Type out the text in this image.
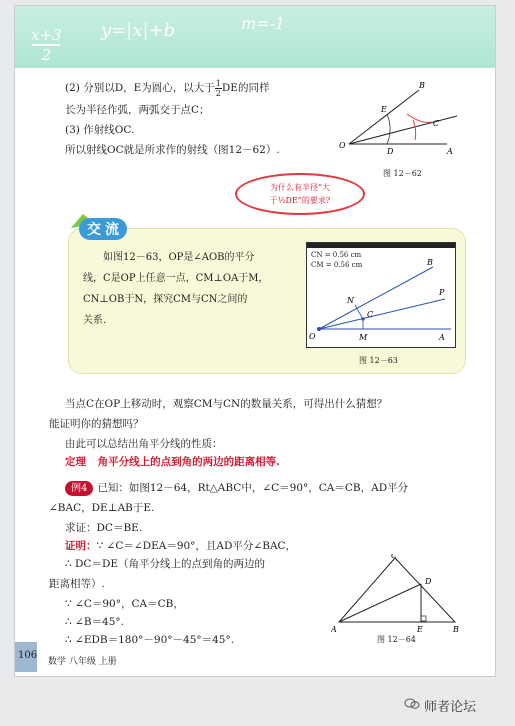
x+3
2
y=|x|+b	m=-1
(2) 分别以D，E为圆心，以大于 $\frac{1}{2}DE$的同样
长为半径作弧，两弧交于点C；
(3) 作射线OC.
所以射线OC就是所求作的射线（图12－62）.
B
E
C
O
D	A
图 12－62
为什么有半径“大
于½DE”的要求?
如图12－63，OP是∠AOB的平分
线，C是OP上任意一点，CM⊥OA于M，
CN⊥OB于N，探究CM与CN之间的
关系.
CN = 0.56 cm
CM = 0.56 cm	B
P
N
C
O	M	A
图 12－63
交 流
当点C在OP上移动时，观察CM与CN的数量关系，可得出什么猜想？
能证明你的猜想吗？
由此可以总结出角平分线的性质：
定理 角平分线上的点到角的两边的距离相等.
例4 已知：如图12－64，Rt△ABC中，∠C＝90°，CA＝CB，AD平分
∠BAC，DE⊥AB于E.
求证：DC＝BE.
证明：∵ ∠C＝∠DEA＝90°，且AD平分∠BAC，
∴ DC＝DE（角平分线上的点到角的两边的
距离相等）.
∵ ∠C＝90°，CA＝CB，
∴ ∠B＝45°.
∴ ∠EDB＝180°－90°－45°＝45°.
C
D
A	E	B
图 12－64
106
数学 八年级 上册
师者论坛
